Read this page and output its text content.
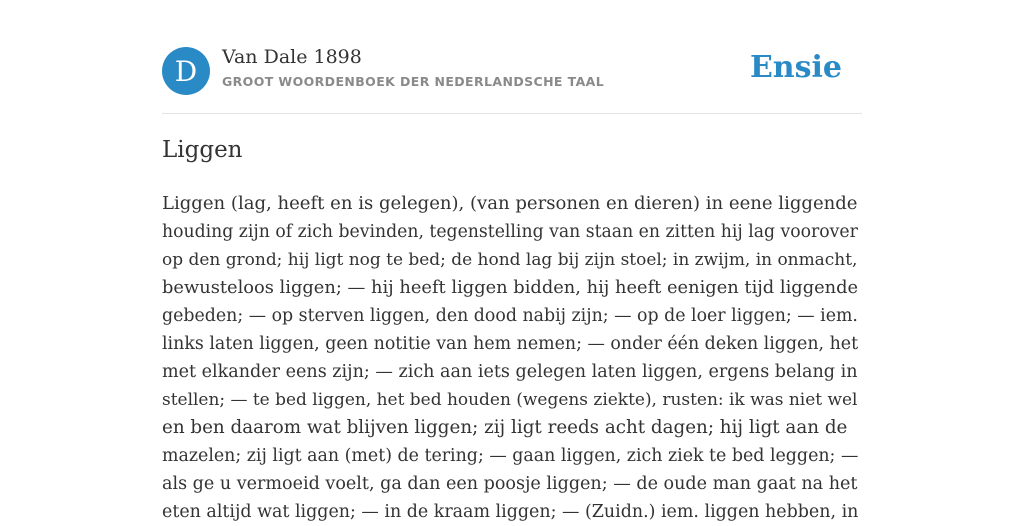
D	Van Dale 1898
GROOT WOORDENBOEK DER NEDERLANDSCHE TAAL	Ensie
Liggen
Liggen (lag, heeft en is gelegen), (van personen en dieren) in eene liggende
houding zijn of zich bevinden, tegenstelling van staan en zitten hij lag voorover
op den grond; hij ligt nog te bed; de hond lag bij zijn stoel; in zwijm, in onmacht,
bewusteloos liggen; — hij heeft liggen bidden, hij heeft eenigen tijd liggende
gebeden; — op sterven liggen, den dood nabij zijn; — op de loer liggen; — iem.
links laten liggen, geen notitie van hem nemen; — onder één deken liggen, het
met elkander eens zijn; — zich aan iets gelegen laten liggen, ergens belang in
stellen; — te bed liggen, het bed houden (wegens ziekte), rusten: ik was niet wel
en ben daarom wat blijven liggen; zij ligt reeds acht dagen; hij ligt aan de
mazelen; zij ligt aan (met) de tering; — gaan liggen, zich ziek te bed leggen; —
als ge u vermoeid voelt, ga dan een poosje liggen; — de oude man gaat na het
eten altijd wat liggen; — in de kraam liggen; — (Zuidn.) iem. liggen hebben, in
